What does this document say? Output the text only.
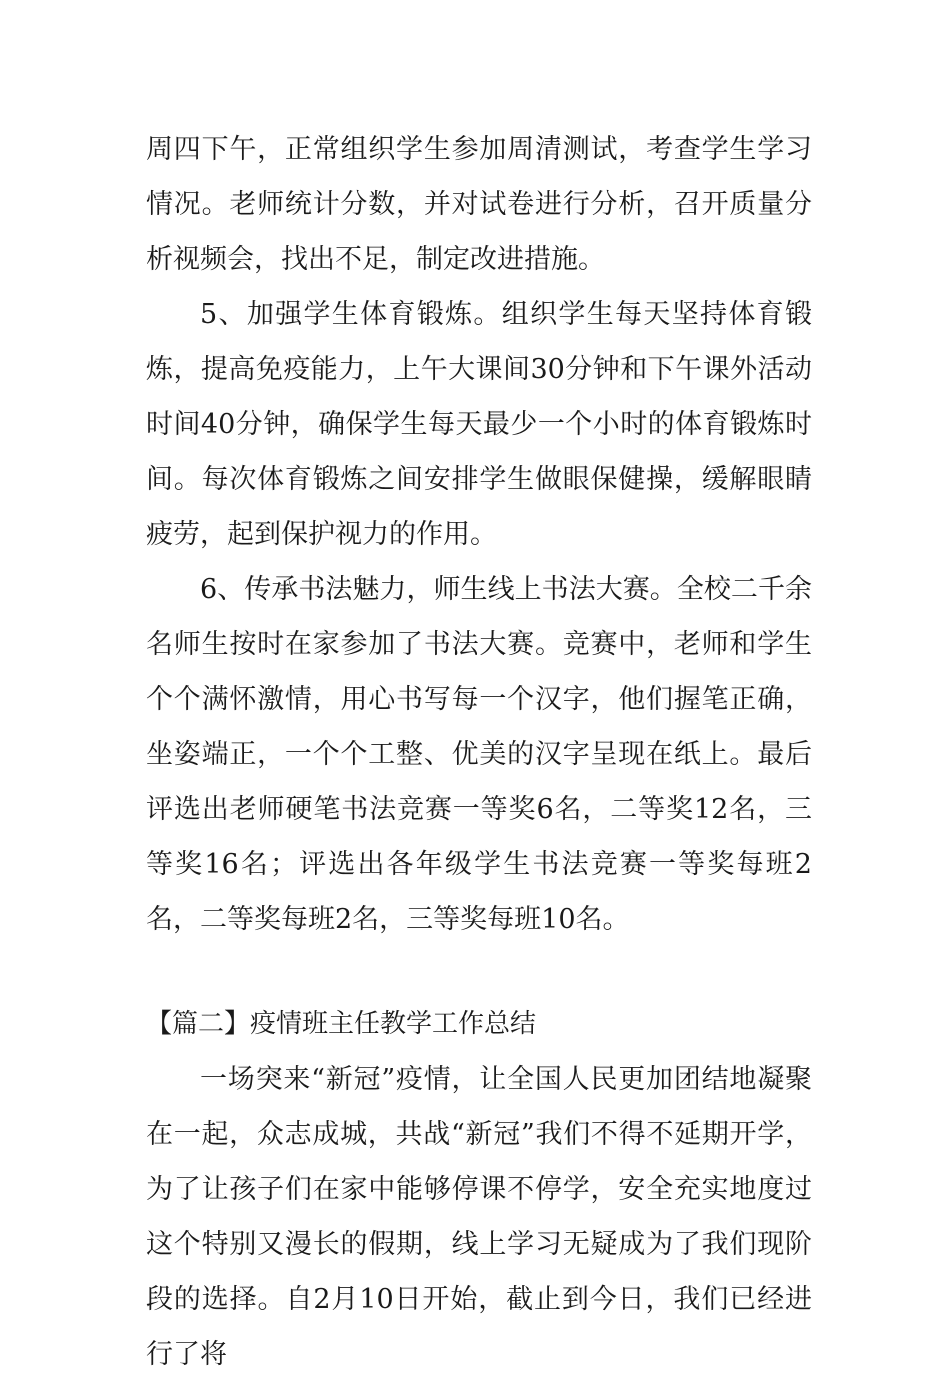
周四下午，正常组织学生参加周清测试，考查学生学习情况。老师统计分数，并对试卷进行分析，召开质量分析视频会，找出不足，制定改进措施。

5、加强学生体育锻炼。组织学生每天坚持体育锻炼，提高免疫能力，上午大课间30分钟和下午课外活动时间40分钟，确保学生每天最少一个小时的体育锻炼时间。每次体育锻炼之间安排学生做眼保健操，缓解眼睛疲劳，起到保护视力的作用。

6、传承书法魅力，师生线上书法大赛。全校二千余名师生按时在家参加了书法大赛。竞赛中，老师和学生个个满怀激情，用心书写每一个汉字，他们握笔正确，坐姿端正，一个个工整、优美的汉字呈现在纸上。最后评选出老师硬笔书法竞赛一等奖6名，二等奖12名，三等奖16名；评选出各年级学生书法竞赛一等奖每班2名，二等奖每班2名，三等奖每班10名。

【篇二】疫情班主任教学工作总结

一场突来“新冠”疫情，让全国人民更加团结地凝聚在一起，众志成城，共战“新冠”我们不得不延期开学，为了让孩子们在家中能够停课不停学，安全充实地度过这个特别又漫长的假期，线上学习无疑成为了我们现阶段的选择。自2月10日开始，截止到今日，我们已经进行了将
